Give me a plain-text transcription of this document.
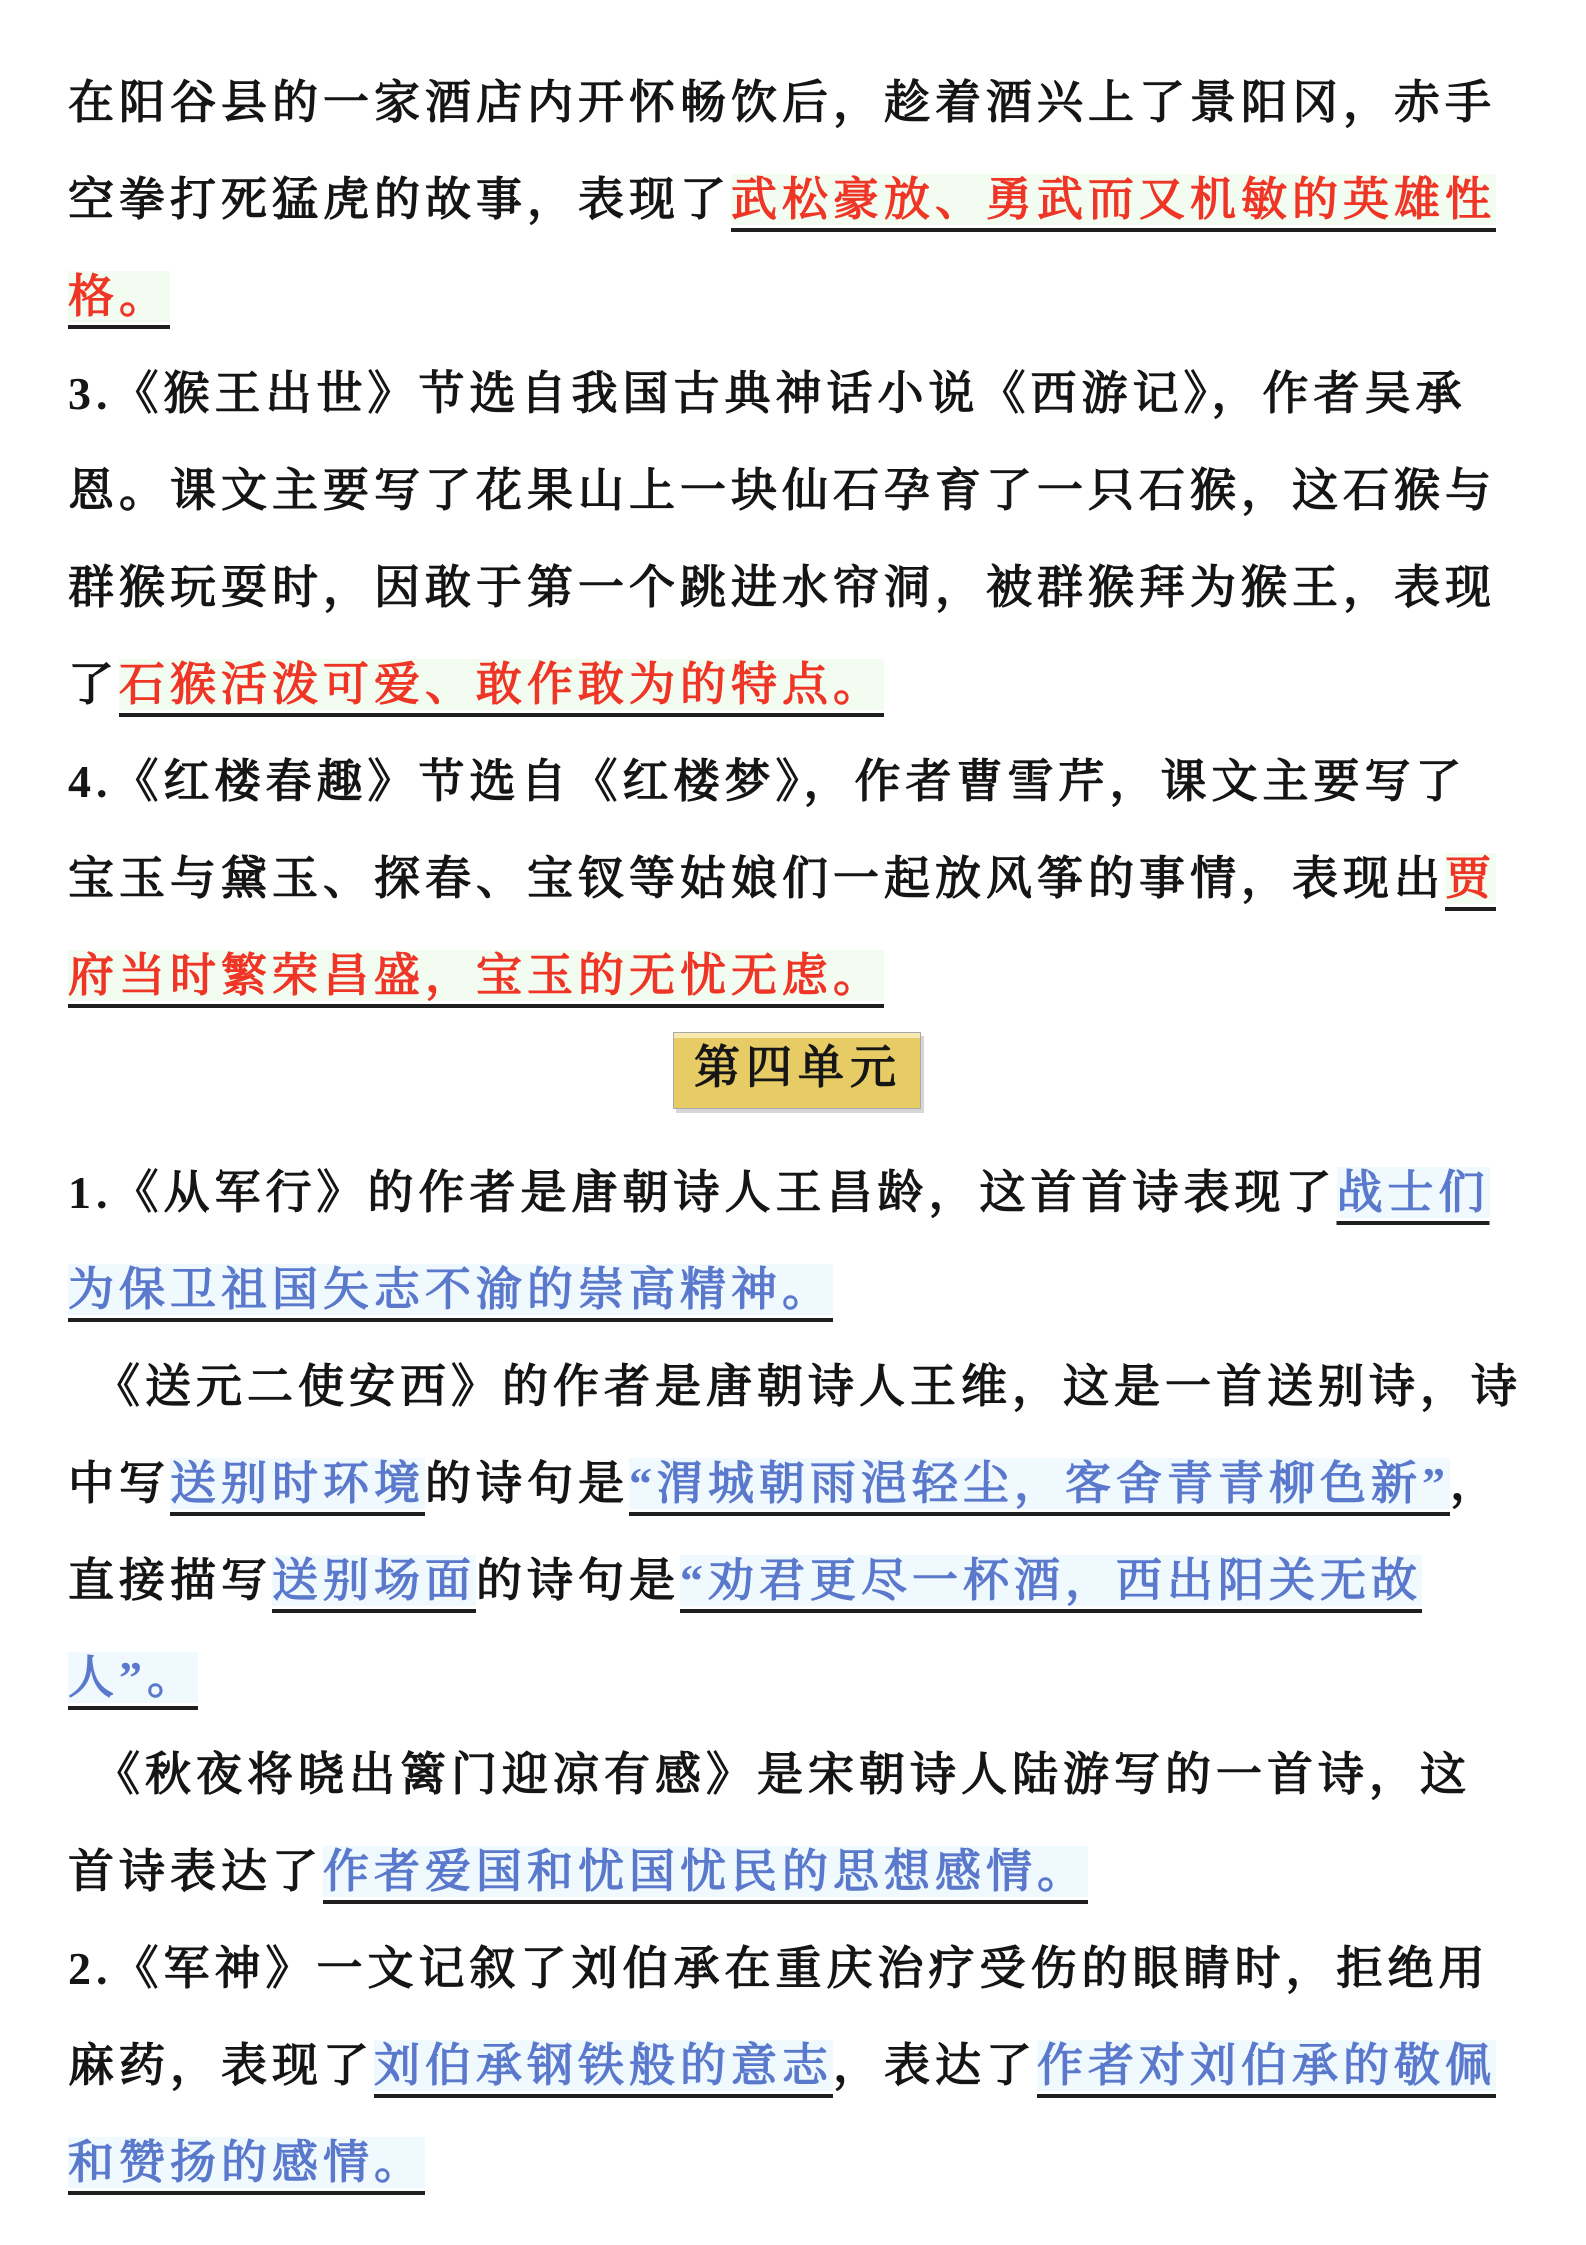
在阳谷县的一家酒店内开怀畅饮后，趁着酒兴上了景阳冈，赤手
空拳打死猛虎的故事，表现了武松豪放、勇武而又机敏的英雄性
格。
3.《猴王出世》节选自我国古典神话小说《西游记》，作者吴承
恩。课文主要写了花果山上一块仙石孕育了一只石猴，这石猴与
群猴玩耍时，因敢于第一个跳进水帘洞，被群猴拜为猴王，表现
了石猴活泼可爱、敢作敢为的特点。
4.《红楼春趣》节选自《红楼梦》，作者曹雪芹，课文主要写了
宝玉与黛玉、探春、宝钗等姑娘们一起放风筝的事情，表现出贾
府当时繁荣昌盛，宝玉的无忧无虑。
第四单元
1.《从军行》的作者是唐朝诗人王昌龄，这首首诗表现了战士们
为保卫祖国矢志不渝的崇高精神。
《送元二使安西》的作者是唐朝诗人王维，这是一首送别诗，诗
中写送别时环境的诗句是“渭城朝雨浥轻尘，客舍青青柳色新”，
直接描写送别场面的诗句是“劝君更尽一杯酒，西出阳关无故
人”。
《秋夜将晓出篱门迎凉有感》是宋朝诗人陆游写的一首诗，这
首诗表达了作者爱国和忧国忧民的思想感情。
2.《军神》一文记叙了刘伯承在重庆治疗受伤的眼睛时，拒绝用
麻药，表现了刘伯承钢铁般的意志，表达了作者对刘伯承的敬佩
和赞扬的感情。
